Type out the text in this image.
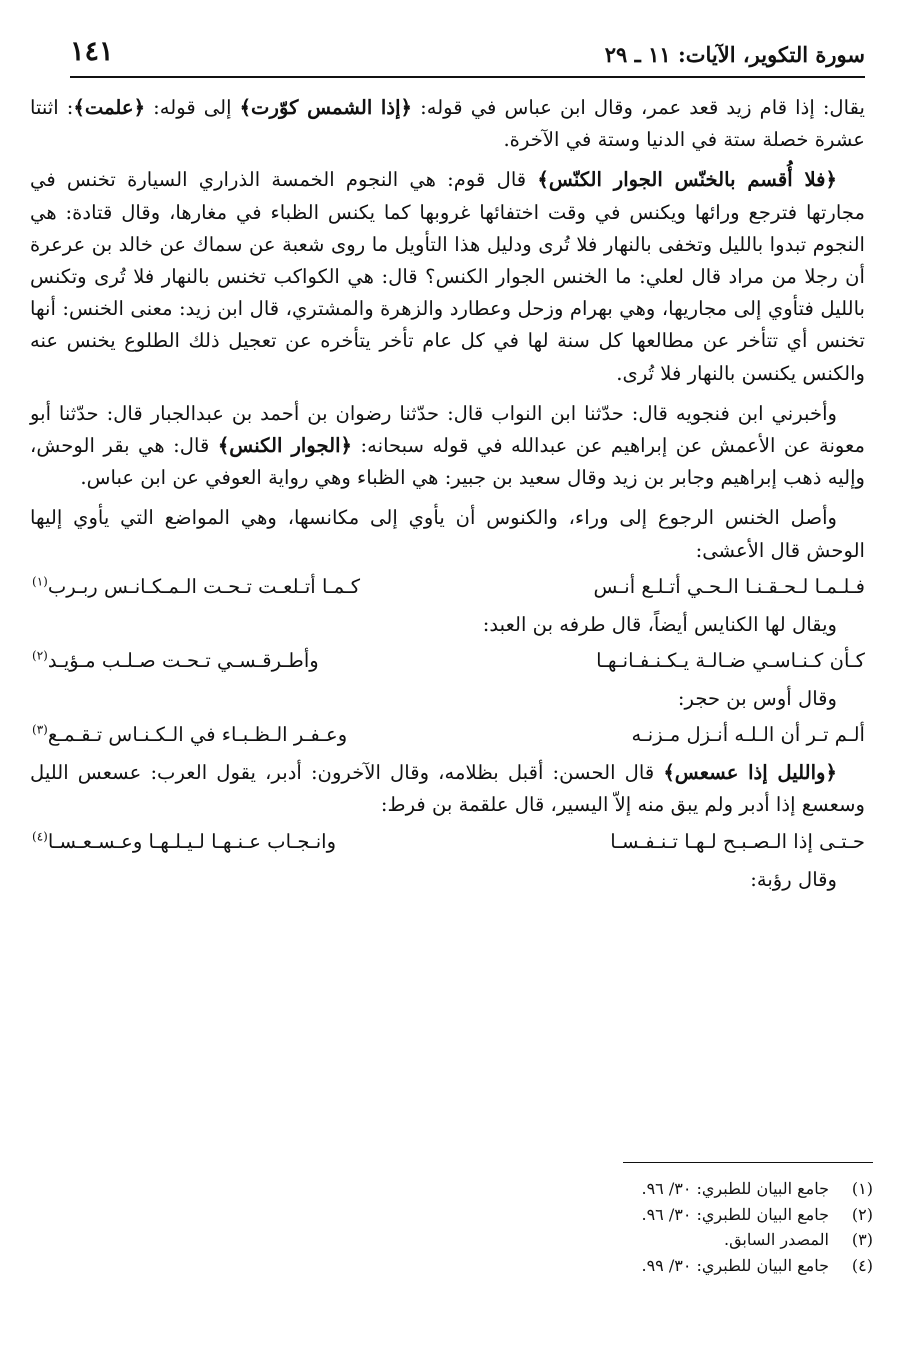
سورة التكوير، الآيات: ١١ ـ ٢٩
١٤١

يقال: إذا قام زيد قعد عمر، وقال ابن عباس في قوله: ﴿إذا الشمس كوّرت﴾ إلى قوله: ﴿علمت﴾: اثنتا عشرة خصلة ستة في الدنيا وستة في الآخرة.

﴿فلا أُقسم بالخنّس الجوار الكنّس﴾ قال قوم: هي النجوم الخمسة الذراري السيارة تخنس في مجارتها فترجع ورائها ويكنس في وقت اختفائها غروبها كما يكنس الظباء في مغارها، وقال قتادة: هي النجوم تبدوا بالليل وتخفى بالنهار فلا تُرى ودليل هذا التأويل ما روى شعبة عن سماك عن خالد بن عرعرة أن رجلا من مراد قال لعلي: ما الخنس الجوار الكنس؟ قال: هي الكواكب تخنس بالنهار فلا تُرى وتكنس بالليل فتأوي إلى مجاريها، وهي بهرام وزحل وعطارد والزهرة والمشتري، قال ابن زيد: معنى الخنس: أنها تخنس أي تتأخر عن مطالعها كل سنة لها في كل عام تأخر يتأخره عن تعجيل ذلك الطلوع يخنس عنه والكنس يكنسن بالنهار فلا تُرى.

وأخبرني ابن فنجويه قال: حدّثنا ابن النواب قال: حدّثنا رضوان بن أحمد بن عبدالجبار قال: حدّثنا أبو معونة عن الأعمش عن إبراهيم عن عبدالله في قوله سبحانه: ﴿الجوار الكنس﴾ قال: هي بقر الوحش، وإليه ذهب إبراهيم وجابر بن زيد وقال سعيد بن جبير: هي الظباء وهي رواية العوفي عن ابن عباس.

وأصل الخنس الرجوع إلى وراء، والكنوس أن يأوي إلى مكانسها، وهي المواضع التي يأوي إليها الوحش قال الأعشى:

فـلـمـا لـحـقـنـا الـحـي أتـلـع أنـس
كـمـا أتـلعـت تـحـت الـمـكـانـس ربـرب$^{(١)}$

ويقال لها الكنايس أيضاً، قال طرفه بن العبد:

كـأن كـنـاسـي ضـالـة يـكـنـفـانـهـا
وأطـرقـسـي تـحـت صـلـب مـؤيـد$^{(٢)}$

وقال أوس بن حجر:

ألـم تـر أن الـلـه أنـزل مـزنـه
وعـفـر الـظـبـاء في الـكـنـاس تـقـمـع$^{(٣)}$

﴿والليل إذا عسعس﴾ قال الحسن: أقبل بظلامه، وقال الآخرون: أدبر، يقول العرب: عسعس الليل وسعسع إذا أدبر ولم يبق منه إلاّ اليسير، قال علقمة بن فرط:

حـتـى إذا الـصـبـح لـهـا تـنـفـسـا
وانـجـاب عـنـهـا لـيـلـهـا وعـسـعـسـا$^{(٤)}$

وقال رؤبة:

(١)
جامع البيان للطبري: ٣٠/ ٩٦.
(٢)
جامع البيان للطبري: ٣٠/ ٩٦.
(٣)
المصدر السابق.
(٤)
جامع البيان للطبري: ٣٠/ ٩٩.
